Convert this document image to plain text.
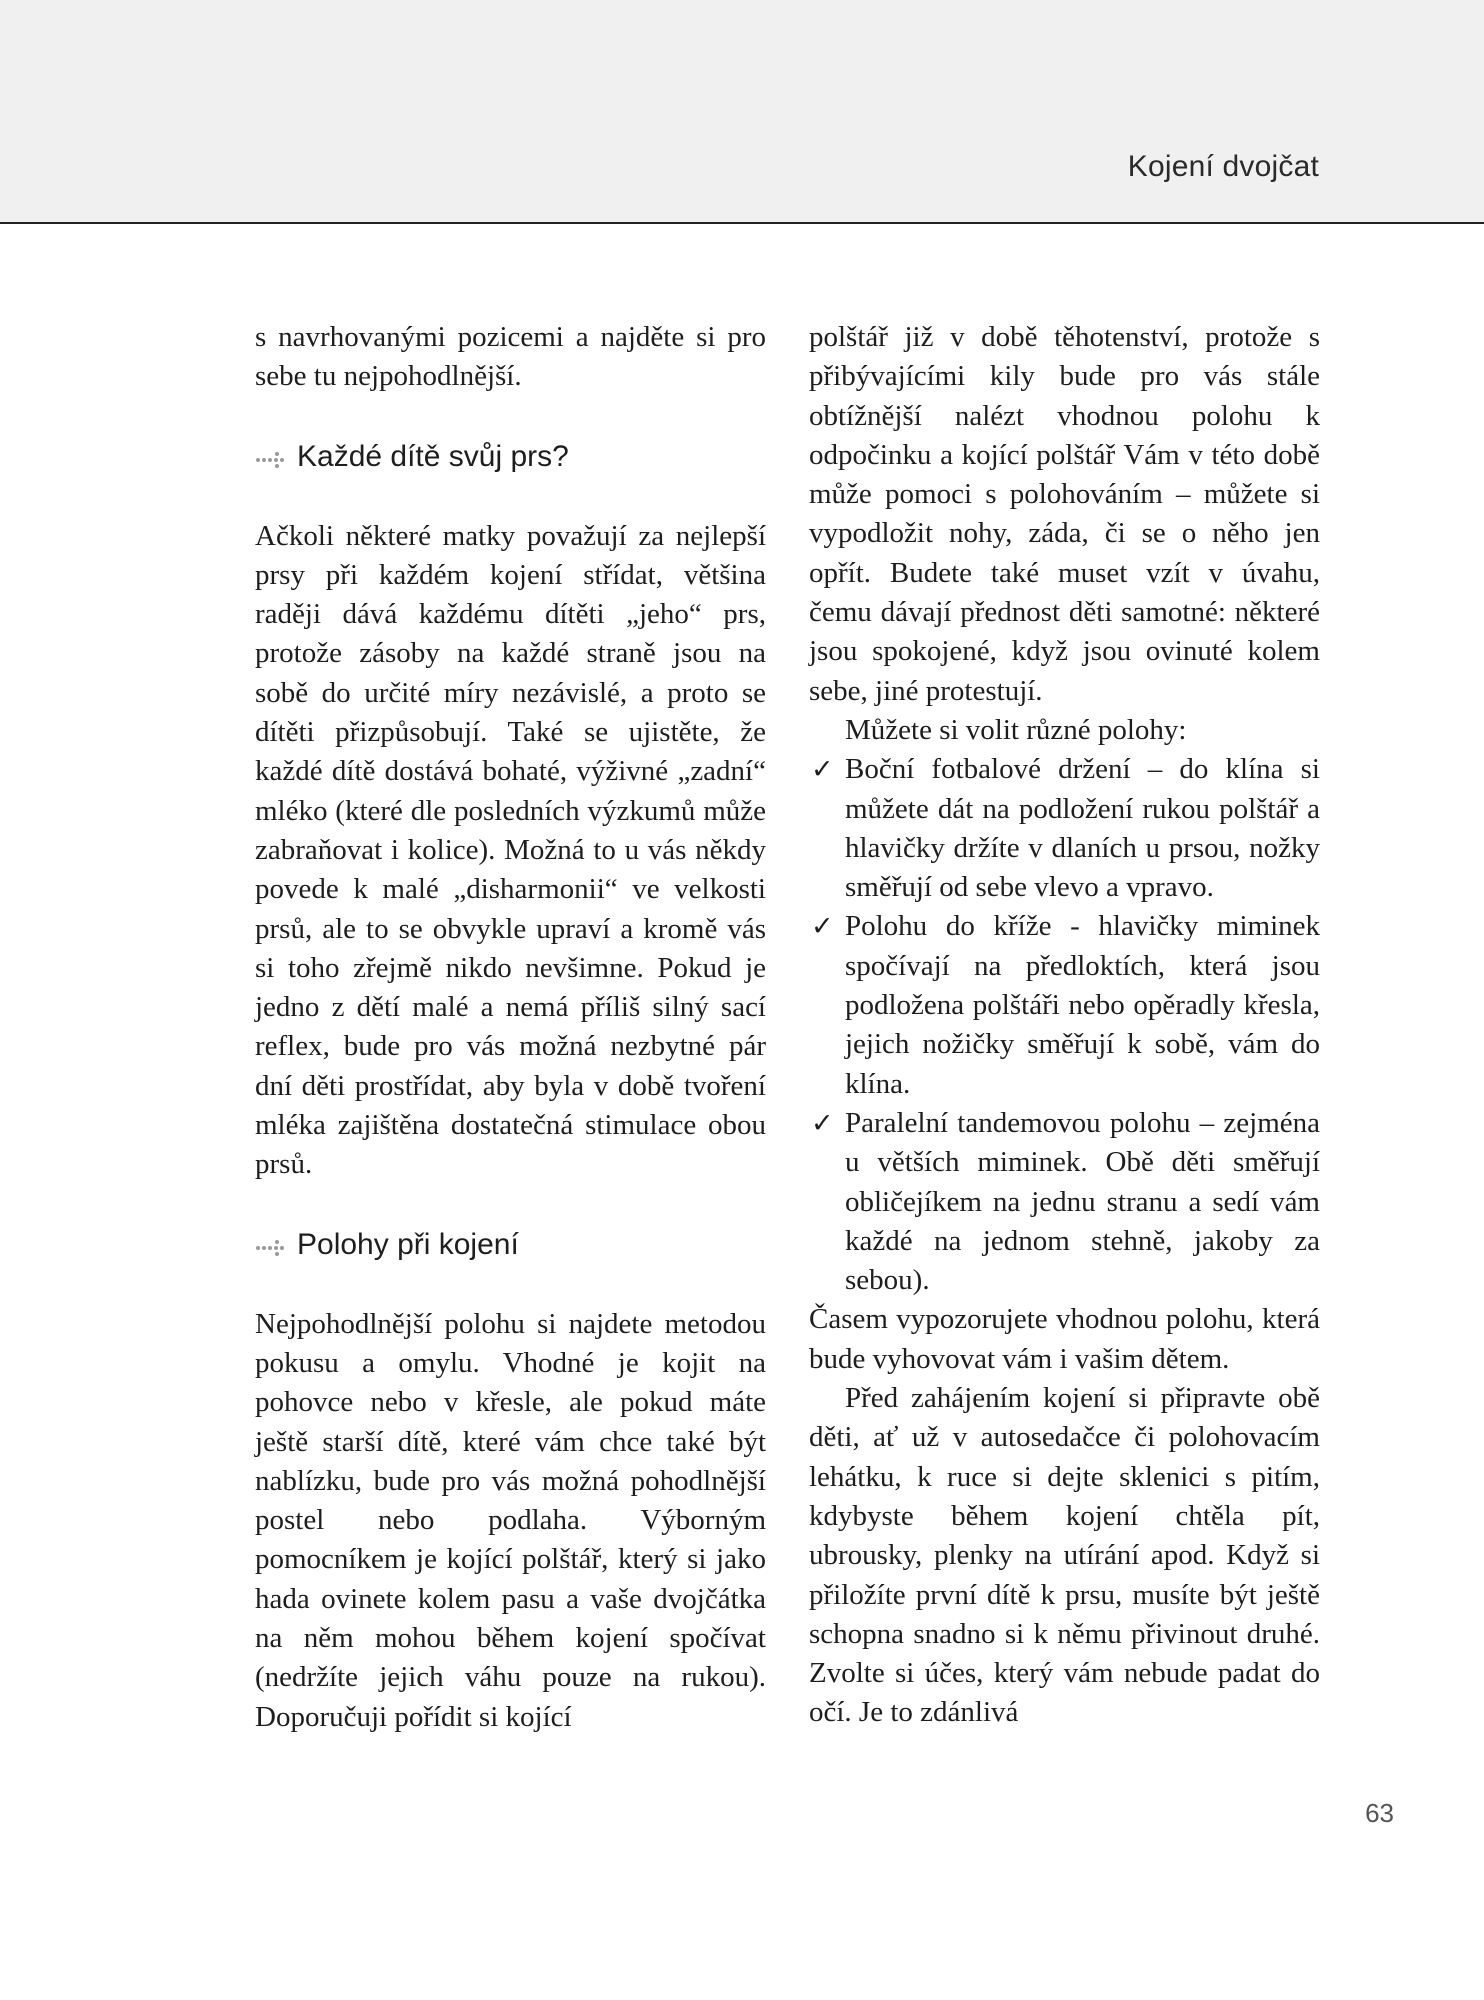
Kojení dvojčat

s navrhovanými pozicemi a najděte si pro sebe tu nejpohodlnější.

Každé dítě svůj prs?

Ačkoli některé matky považují za nejlepší prsy při každém kojení střídat, většina raději dává každému dítěti „jeho“ prs, protože zásoby na každé straně jsou na sobě do určité míry nezávislé, a proto se dítěti přizpůsobují. Také se ujistěte, že každé dítě dostává bohaté, výživné „zadní“ mléko (které dle posledních výzkumů může zabraňovat i kolice). Možná to u vás někdy povede k malé „disharmonii“ ve velkosti prsů, ale to se obvykle upraví a kromě vás si toho zřejmě nikdo nevšimne. Pokud je jedno z dětí malé a nemá příliš silný sací reflex, bude pro vás možná nezbytné pár dní děti prostřídat, aby byla v době tvoření mléka zajištěna dostatečná stimulace obou prsů.

Polohy při kojení

Nejpohodlnější polohu si najdete metodou pokusu a omylu. Vhodné je kojit na pohovce nebo v křesle, ale pokud máte ještě starší dítě, které vám chce také být nablízku, bude pro vás možná pohodlnější postel nebo podlaha. Výborným pomocníkem je kojící polštář, který si jako hada ovinete kolem pasu a vaše dvojčátka na něm mohou během kojení spočívat (nedržíte jejich váhu pouze na rukou). Doporučuji pořídit si kojící

polštář již v době těhotenství, protože s přibývajícími kily bude pro vás stále obtížnější nalézt vhodnou polohu k odpočinku a kojící polštář Vám v této době může pomoci s polohováním – můžete si vypodložit nohy, záda, či se o něho jen opřít. Budete také muset vzít v úvahu, čemu dávají přednost děti samotné: některé jsou spokojené, když jsou ovinuté kolem sebe, jiné protestují.

Můžete si volit různé polohy:

✓ Boční fotbalové držení – do klína si můžete dát na podložení rukou polštář a hlavičky držíte v dlaních u prsou, nožky směřují od sebe vlevo a vpravo.
✓ Polohu do kříže - hlavičky miminek spočívají na předloktích, která jsou podložena polštáři nebo opěradly křesla, jejich nožičky směřují k sobě, vám do klína.
✓ Paralelní tandemovou polohu – zejména u větších miminek. Obě děti směřují obličejíkem na jednu stranu a sedí vám každé na jednom stehně, jakoby za sebou).

Časem vypozorujete vhodnou polohu, která bude vyhovovat vám i vašim dětem.

Před zahájením kojení si připravte obě děti, ať už v autosedačce či polohovacím lehátku, k ruce si dejte sklenici s pitím, kdybyste během kojení chtěla pít, ubrousky, plenky na utírání apod. Když si přiložíte první dítě k prsu, musíte být ještě schopna snadno si k němu přivinout druhé. Zvolte si účes, který vám nebude padat do očí. Je to zdánlivá

63
